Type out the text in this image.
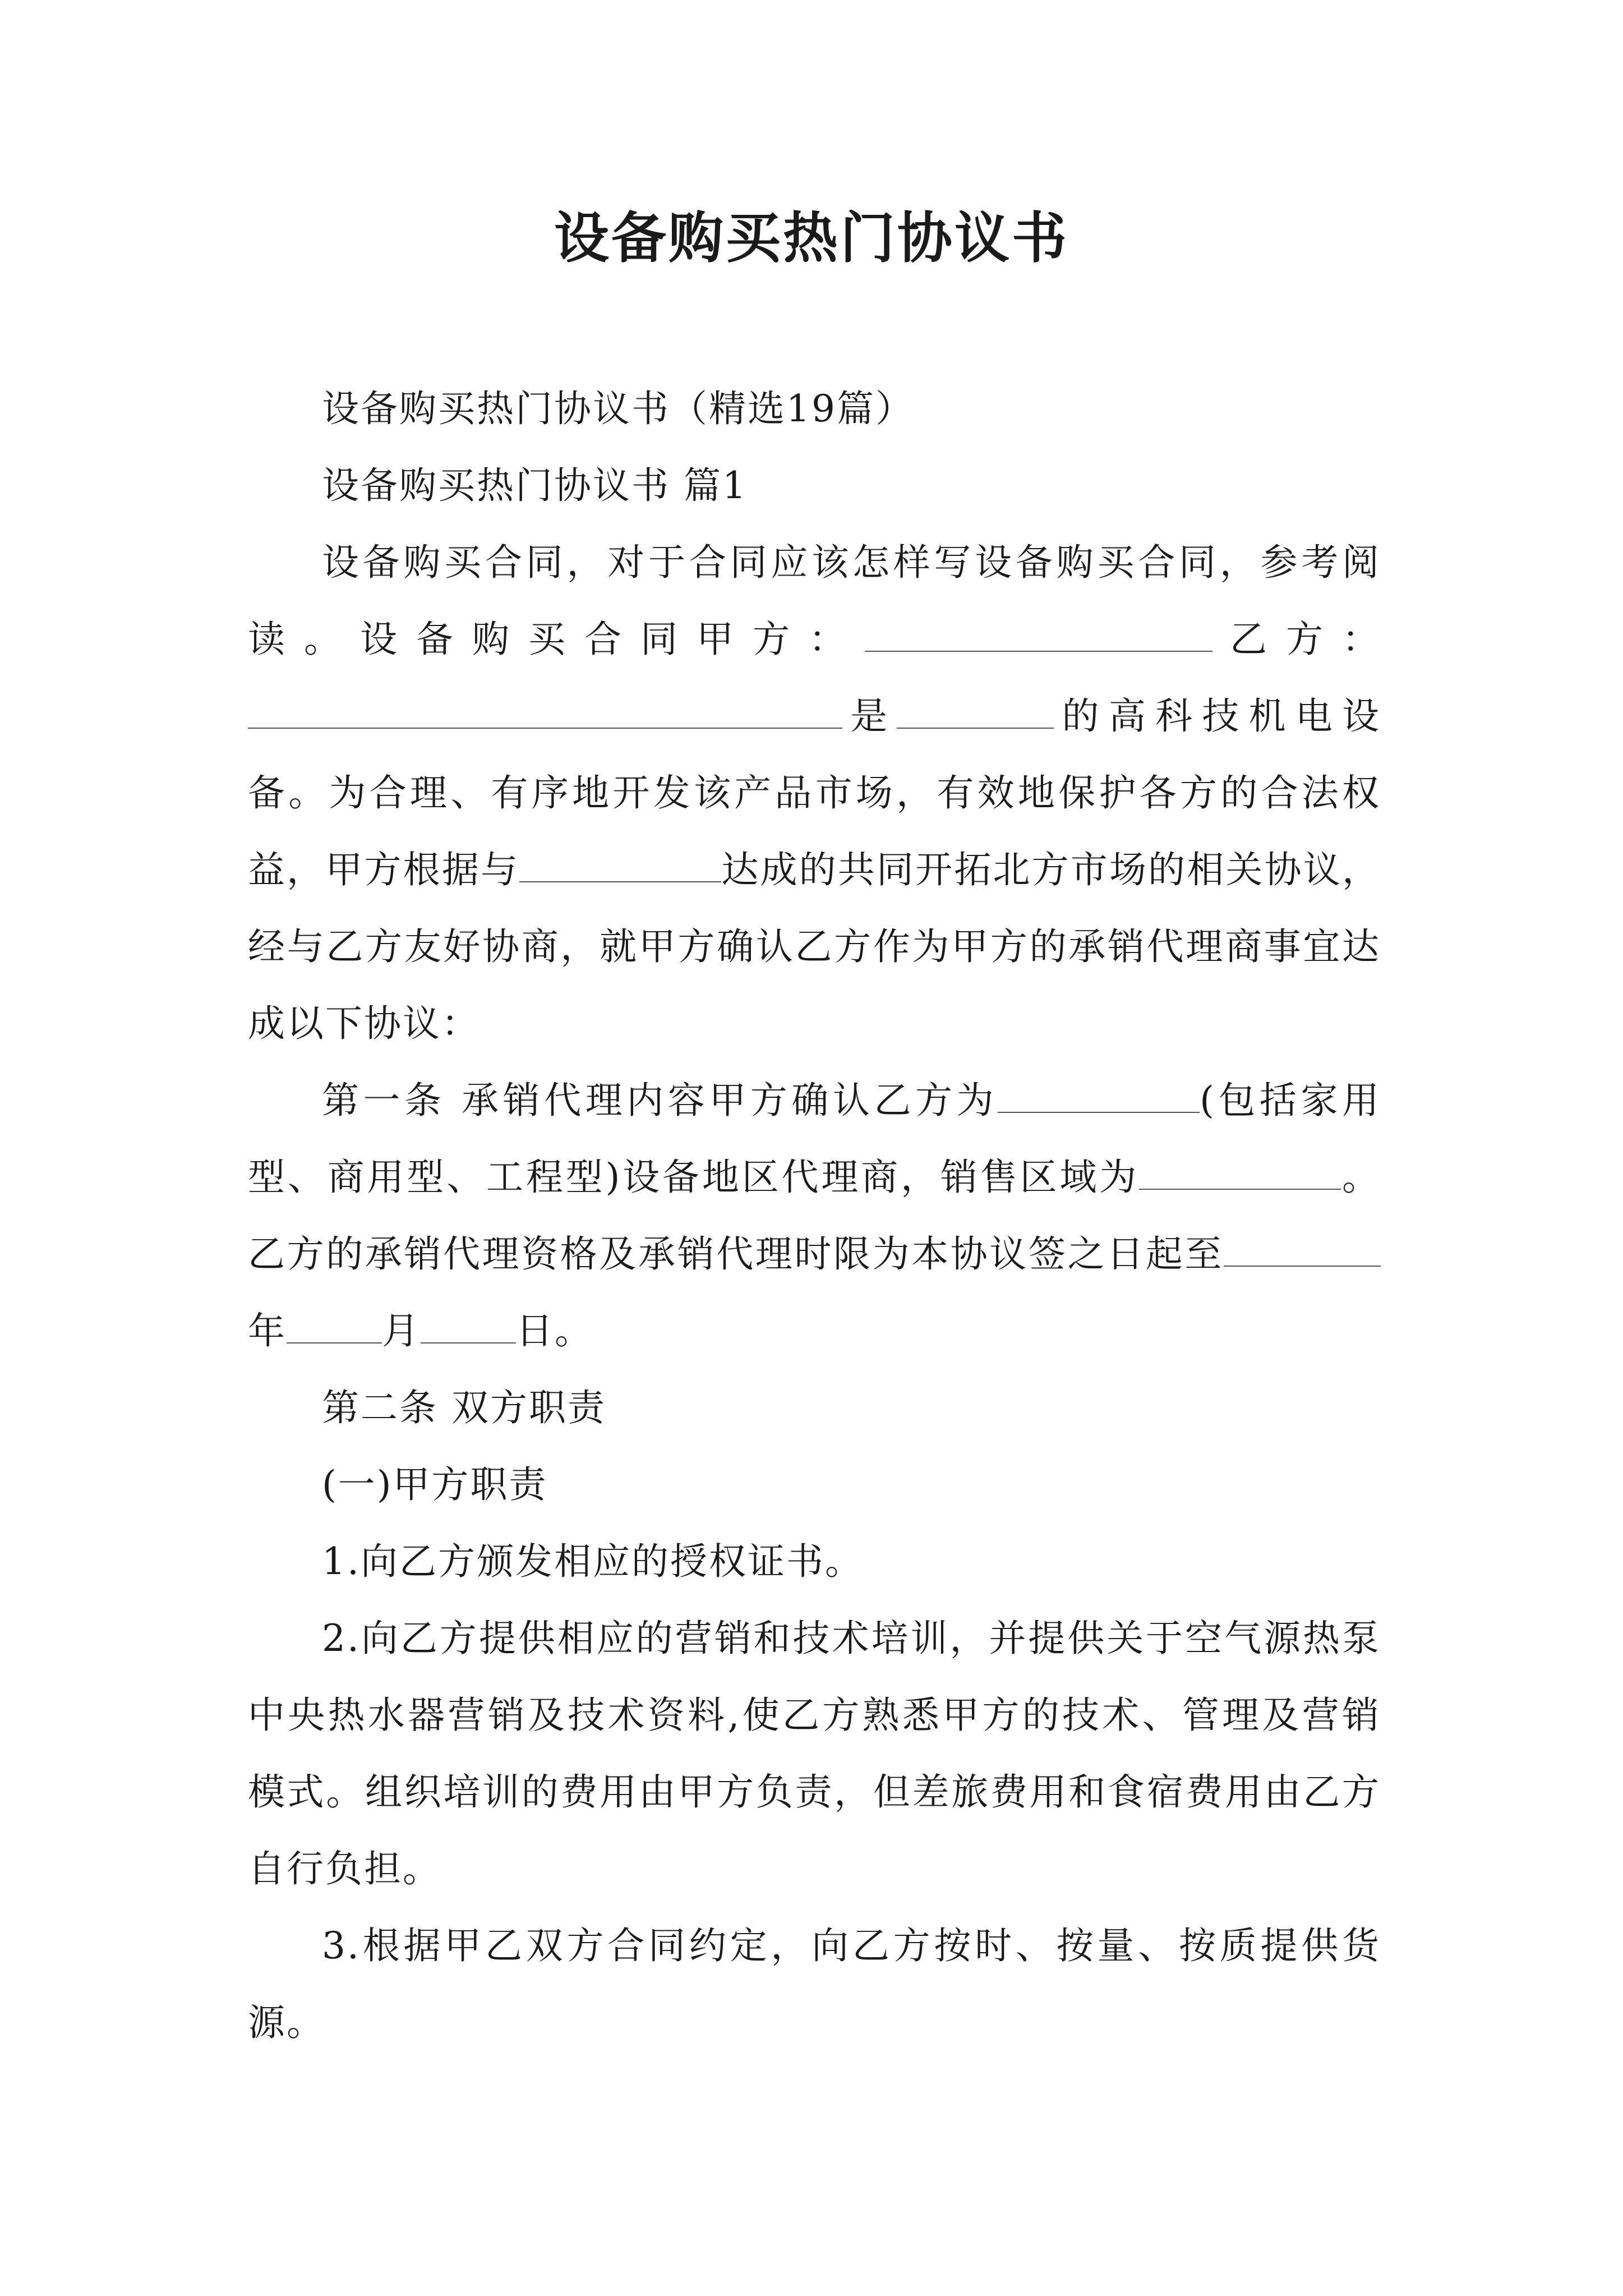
设备购买热门协议书

设备购买热门协议书（精选19篇）

设备购买热门协议书 篇1

设备购买合同，对于合同应该怎样写设备购买合同，参考阅读。设备购买合同甲方：	乙方：是	的高科技机电设备。为合理、有序地开发该产品市场，有效地保护各方的合法权益，甲方根据与	达成的共同开拓北方市场的相关协议，经与乙方友好协商，就甲方确认乙方作为甲方的承销代理商事宜达成以下协议：

第一条 承销代理内容甲方确认乙方为	(包括家用型、商用型、工程型)设备地区代理商，销售区域为	。乙方的承销代理资格及承销代理时限为本协议签之日起至年	月	日。

第二条 双方职责

(一)甲方职责

1.向乙方颁发相应的授权证书。

2.向乙方提供相应的营销和技术培训，并提供关于空气源热泵中央热水器营销及技术资料,使乙方熟悉甲方的技术、管理及营销模式。组织培训的费用由甲方负责，但差旅费用和食宿费用由乙方自行负担。

3.根据甲乙双方合同约定，向乙方按时、按量、按质提供货源。
